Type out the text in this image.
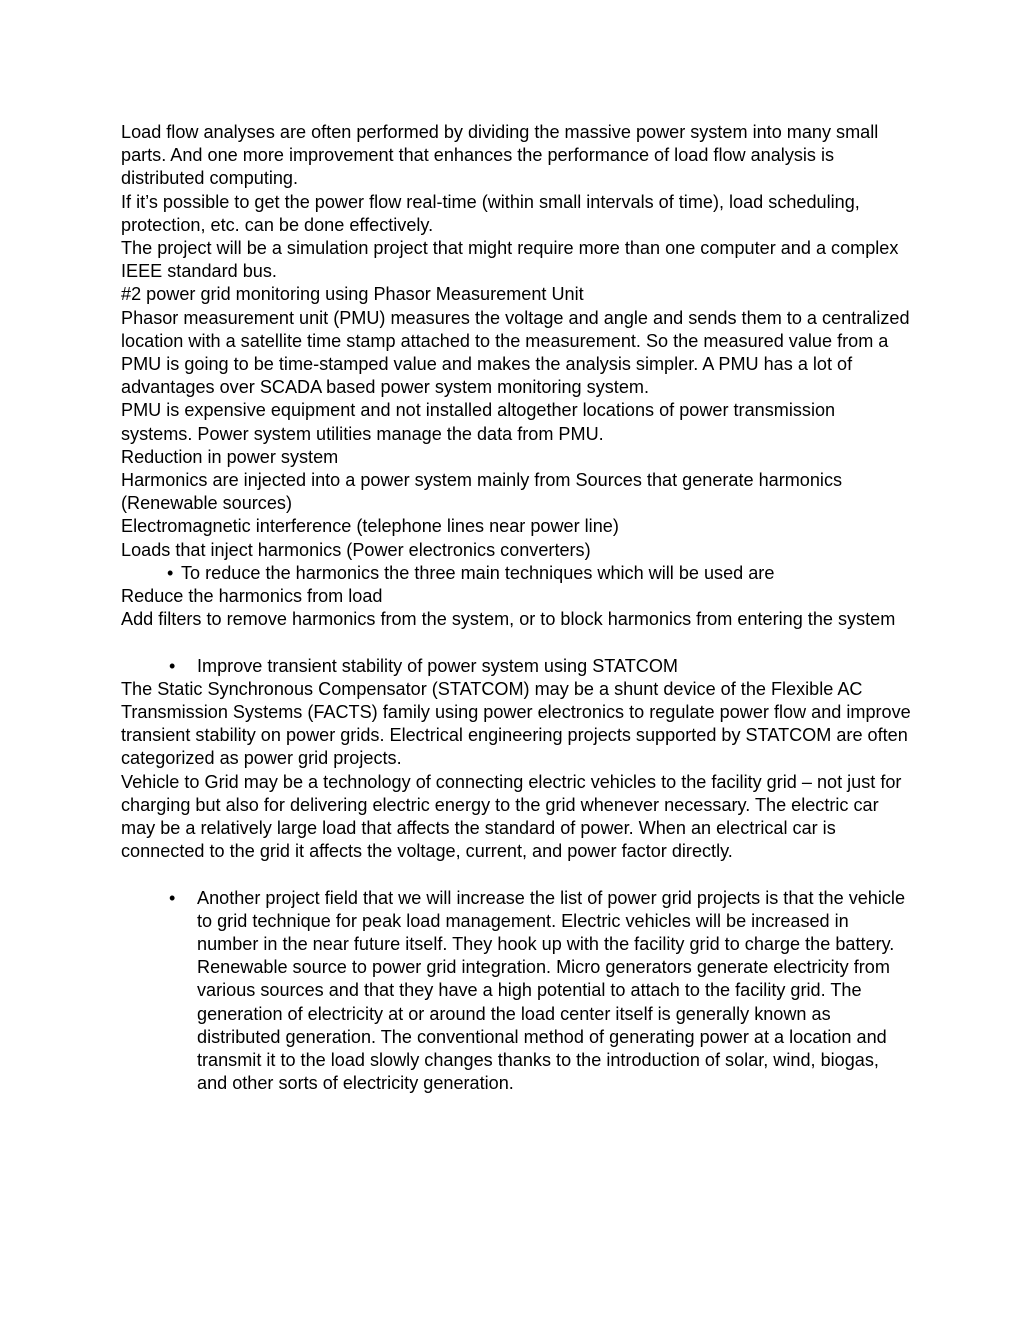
Load flow analyses are often performed by dividing the massive power system into many small parts. And one more improvement that enhances the performance of load flow analysis is distributed computing.

If it’s possible to get the power flow real-time (within small intervals of time), load scheduling, protection, etc. can be done effectively.

The project will be a simulation project that might require more than one computer and a complex IEEE standard bus.

#2 power grid monitoring using Phasor Measurement Unit

Phasor measurement unit (PMU) measures the voltage and angle and sends them to a centralized location with a satellite time stamp attached to the measurement. So the measured value from a PMU is going to be time-stamped value and makes the analysis simpler. A PMU has a lot of advantages over SCADA based power system monitoring system.

PMU is expensive equipment and not installed altogether locations of power transmission systems. Power system utilities manage the data from PMU.

Reduction in power system

Harmonics are injected into a power system mainly from Sources that generate harmonics (Renewable sources)

Electromagnetic interference (telephone lines near power line)

Loads that inject harmonics (Power electronics converters)

• To reduce the harmonics the three main techniques which will be used are

Reduce the harmonics from load

Add filters to remove harmonics from the system, or to block harmonics from entering the system

• Improve transient stability of power system using STATCOM

The Static Synchronous Compensator (STATCOM) may be a shunt device of the Flexible AC Transmission Systems (FACTS) family using power electronics to regulate power flow and improve transient stability on power grids. Electrical engineering projects supported by STATCOM are often categorized as power grid projects.

Vehicle to Grid may be a technology of connecting electric vehicles to the facility grid – not just for charging but also for delivering electric energy to the grid whenever necessary. The electric car may be a relatively large load that affects the standard of power. When an electrical car is connected to the grid it affects the voltage, current, and power factor directly.

• Another project field that we will increase the list of power grid projects is that the vehicle to grid technique for peak load management. Electric vehicles will be increased in number in the near future itself. They hook up with the facility grid to charge the battery. Renewable source to power grid integration. Micro generators generate electricity from various sources and that they have a high potential to attach to the facility grid. The generation of electricity at or around the load center itself is generally known as distributed generation. The conventional method of generating power at a location and transmit it to the load slowly changes thanks to the introduction of solar, wind, biogas, and other sorts of electricity generation.
